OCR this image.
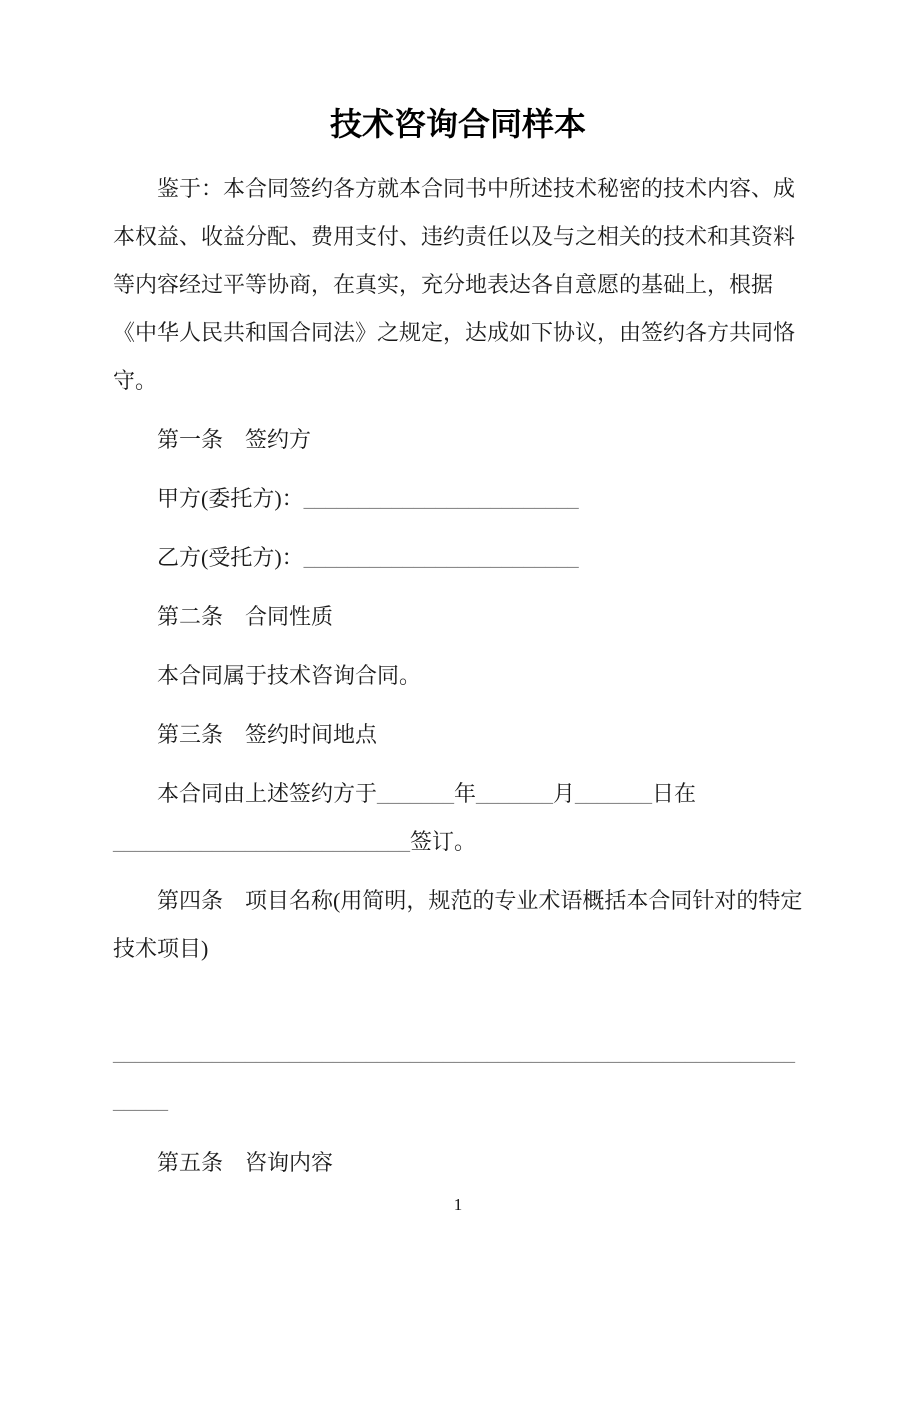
技术咨询合同样本

鉴于：本合同签约各方就本合同书中所述技术秘密的技术内容、成

本权益、收益分配、费用支付、违约责任以及与之相关的技术和其资料

等内容经过平等协商，在真实，充分地表达各自意愿的基础上，根据

《中华人民共和国合同法》之规定，达成如下协议，由签约各方共同恪

守。

第一条　签约方

甲方(委托方)：_________________________

乙方(受托方)：_________________________

第二条　合同性质

本合同属于技术咨询合同。

第三条　签约时间地点

本合同由上述签约方于_______年_______月_______日在

___________________________签订。

第四条　项目名称(用简明，规范的专业术语概括本合同针对的特定

技术项目)

______________________________________________________________

_____

第五条　咨询内容

1
